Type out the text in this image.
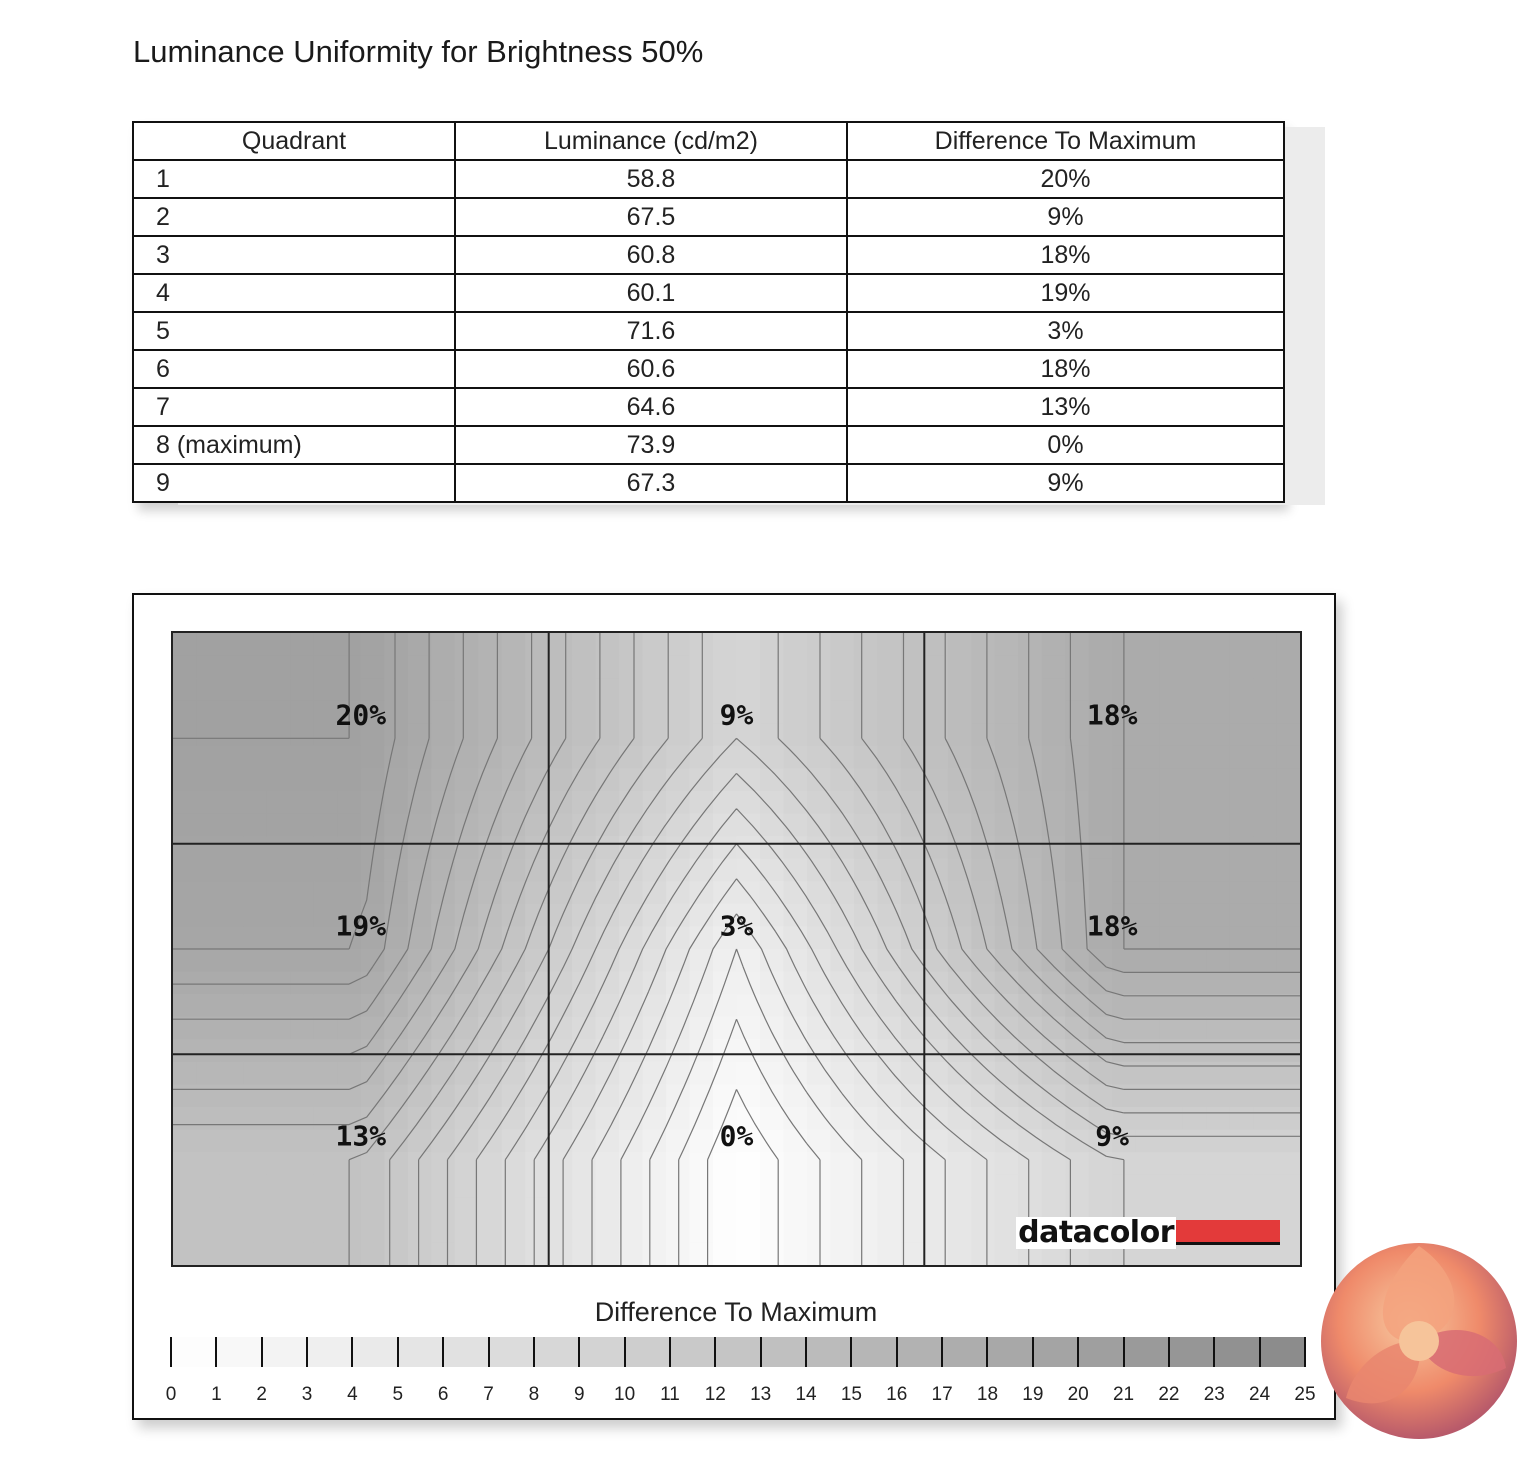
Luminance Uniformity for Brightness 50%
Quadrant	Luminance (cd/m2)	Difference To Maximum
1	58.8	20%
2	67.5	9%
3	60.8	18%
4	60.1	19%
5	71.6	3%
6	60.6	18%
7	64.6	13%
8 (maximum)	73.9	0%
9	67.3	9%
20%	9%	18%
19%	3%	18%
13%	0%	9%
datacolor
Difference To Maximum
0 1 2 3 4 5 6 7 8 9 10 11 12 13 14 15 16 17 18 19 20 21 22 23 24 25
